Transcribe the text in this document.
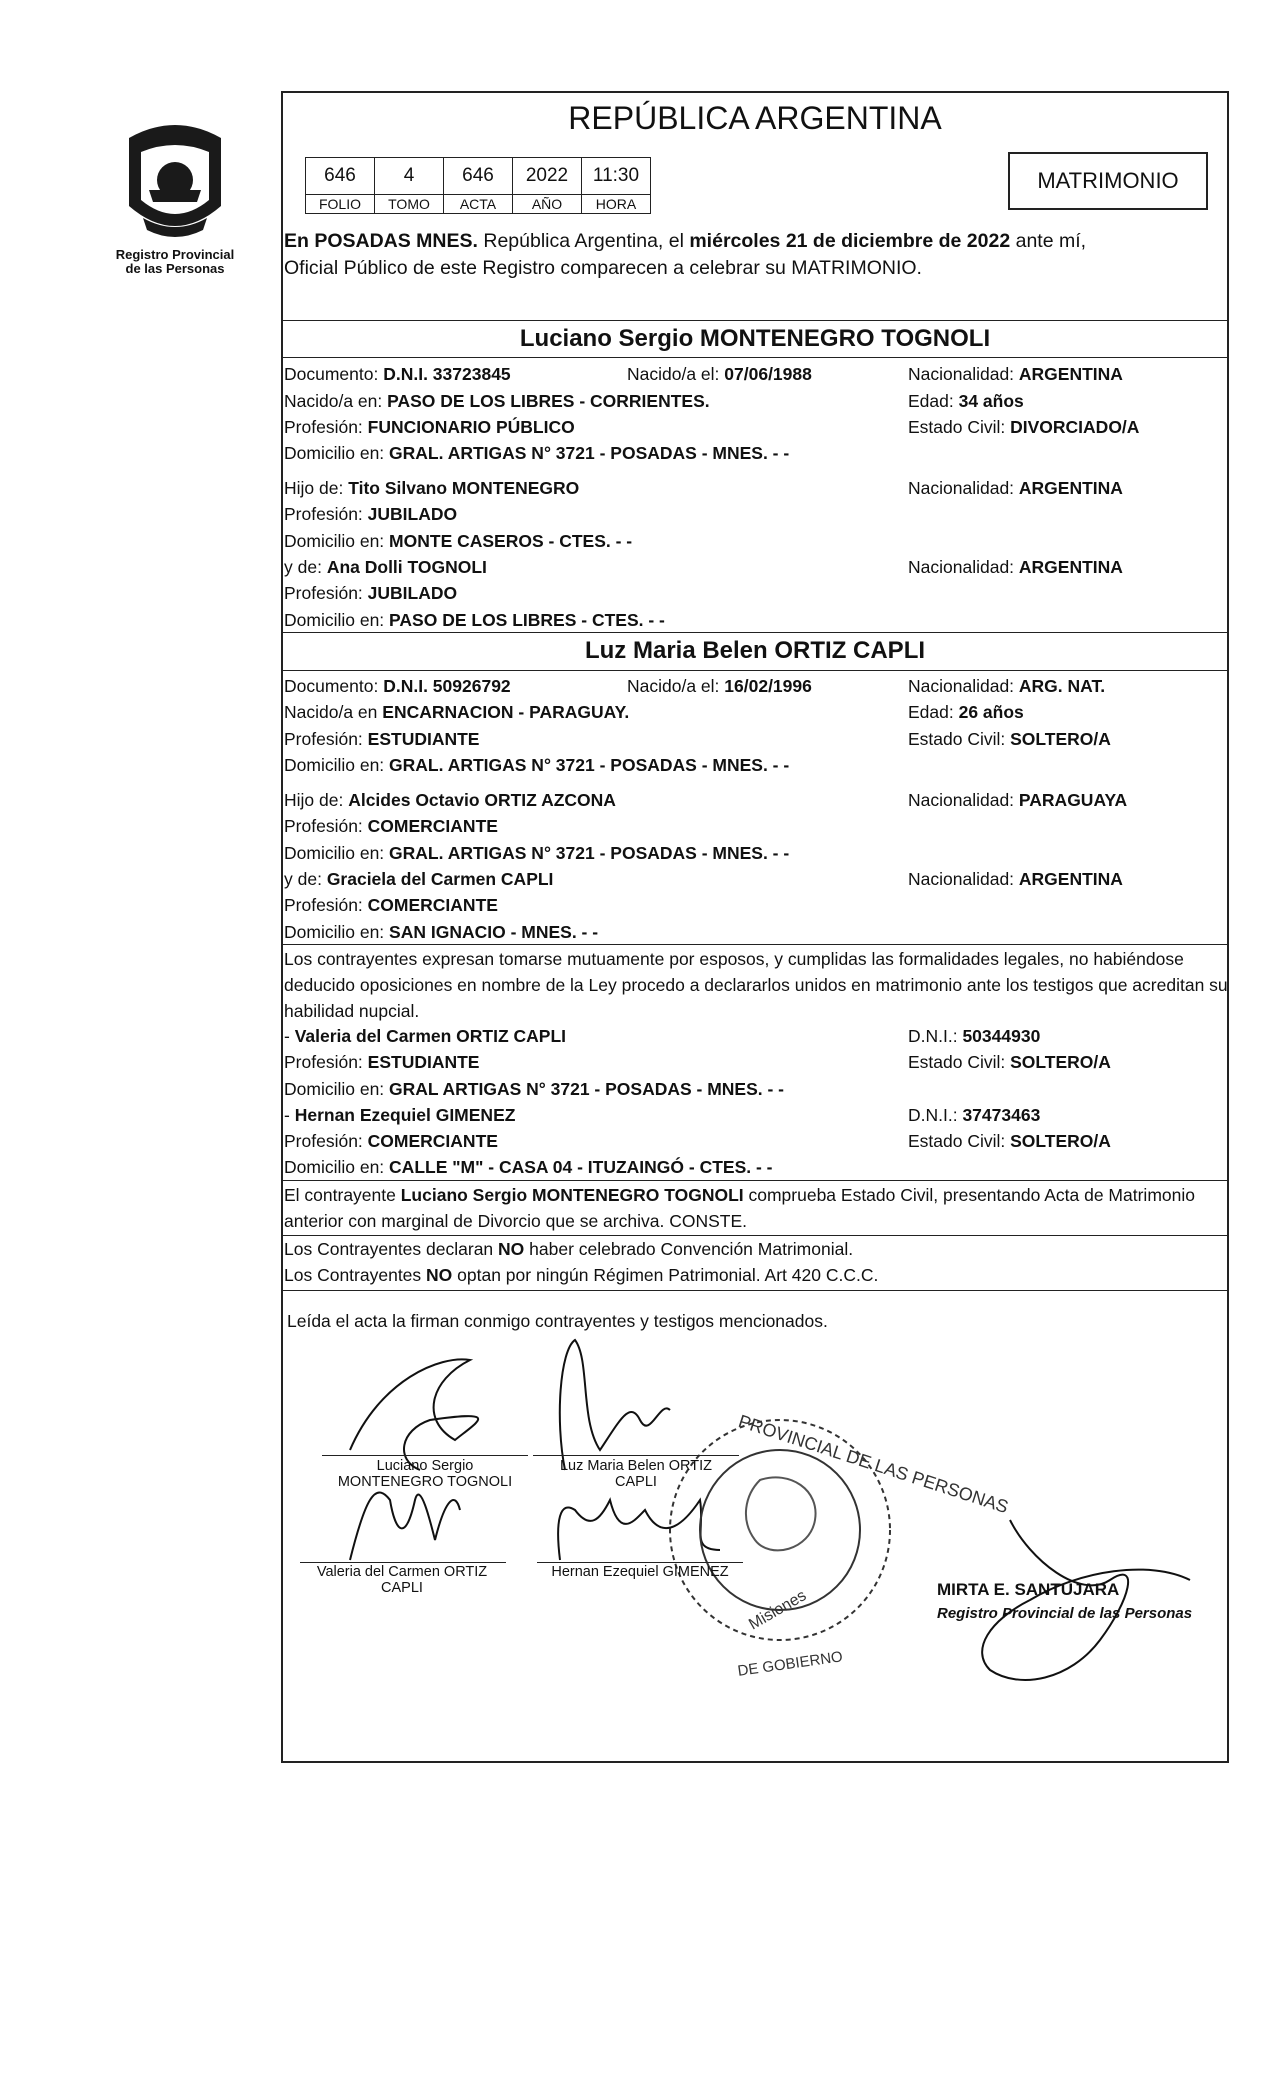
Registro Provincial
de las Personas
REPÚBLICA ARGENTINA
646	4	646	2022	11:30
FOLIO	TOMO	ACTA	AÑO	HORA
MATRIMONIO
En POSADAS MNES. República Argentina, el miércoles 21 de diciembre de 2022 ante mí,
Oficial Público de este Registro comparecen a celebrar su MATRIMONIO.
Luciano Sergio MONTENEGRO TOGNOLI
Documento: D.N.I. 33723845	Nacido/a el: 07/06/1988	Nacionalidad: ARGENTINA
Nacido/a en: PASO DE LOS LIBRES - CORRIENTES.	Edad: 34 años
Profesión: FUNCIONARIO PÚBLICO	Estado Civil: DIVORCIADO/A
Domicilio en: GRAL. ARTIGAS N° 3721 - POSADAS - MNES. - -
Hijo de: Tito Silvano MONTENEGRO	Nacionalidad: ARGENTINA
Profesión: JUBILADO
Domicilio en: MONTE CASEROS - CTES. - -
y de: Ana Dolli TOGNOLI	Nacionalidad: ARGENTINA
Profesión: JUBILADO
Domicilio en: PASO DE LOS LIBRES - CTES. - -
Luz Maria Belen ORTIZ CAPLI
Documento: D.N.I. 50926792	Nacido/a el: 16/02/1996	Nacionalidad: ARG. NAT.
Nacido/a en ENCARNACION - PARAGUAY.	Edad: 26 años
Profesión: ESTUDIANTE	Estado Civil: SOLTERO/A
Domicilio en: GRAL. ARTIGAS N° 3721 - POSADAS - MNES. - -
Hijo de: Alcides Octavio ORTIZ AZCONA	Nacionalidad: PARAGUAYA
Profesión: COMERCIANTE
Domicilio en: GRAL. ARTIGAS N° 3721 - POSADAS - MNES. - -
y de: Graciela del Carmen CAPLI	Nacionalidad: ARGENTINA
Profesión: COMERCIANTE
Domicilio en: SAN IGNACIO - MNES. - -
Los contrayentes expresan tomarse mutuamente por esposos, y cumplidas las formalidades legales, no habiéndose deducido oposiciones en nombre de la Ley procedo a declararlos unidos en matrimonio ante los testigos que acreditan su habilidad nupcial.
- Valeria del Carmen ORTIZ CAPLI	D.N.I.: 50344930
Profesión: ESTUDIANTE	Estado Civil: SOLTERO/A
Domicilio en: GRAL ARTIGAS N° 3721 - POSADAS - MNES. - -
- Hernan Ezequiel GIMENEZ	D.N.I.: 37473463
Profesión: COMERCIANTE	Estado Civil: SOLTERO/A
Domicilio en: CALLE "M" - CASA 04 - ITUZAINGÓ - CTES. - -
El contrayente Luciano Sergio MONTENEGRO TOGNOLI comprueba Estado Civil, presentando Acta de Matrimonio anterior con marginal de Divorcio que se archiva. CONSTE.
Los Contrayentes declaran NO haber celebrado Convención Matrimonial.
Los Contrayentes NO optan por ningún Régimen Patrimonial. Art 420 C.C.C.
Leída el acta la firman conmigo contrayentes y testigos mencionados.
PROVINCIAL DE LAS PERSONAS
Misiones
DE GOBIERNO
Luciano Sergio
MONTENEGRO TOGNOLI
Luz Maria Belen ORTIZ
CAPLI
Valeria del Carmen ORTIZ
CAPLI
Hernan Ezequiel GIMENEZ
MIRTA E. SANTUJARA
Registro Provincial de las Personas
